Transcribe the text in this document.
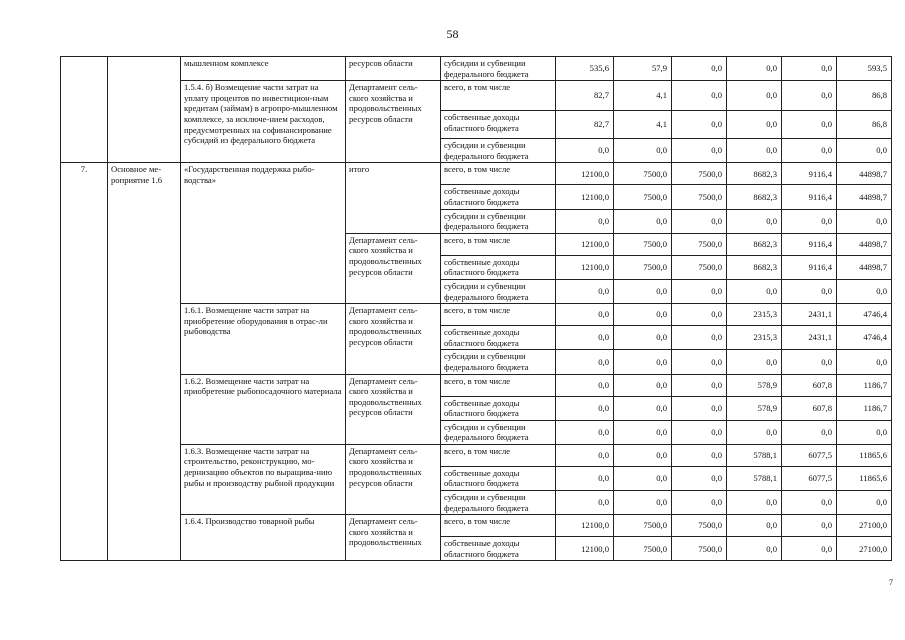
58
		мышленном комплексе	ресурсов области	субсидии и субвенции федерального бюджета	535,6	57,9	0,0	0,0	0,0	593,5
		1.5.4. б) Возмещение части затрат на уплату процентов по инвестицион-ным кредитам (займам) в агропро-мышленном комплексе, за исключе-нием расходов, предусмотренных на софинансирование субсидий из федерального бюджета	Департамент сель-ского хозяйства и продовольственных ресурсов области	всего, в том числе	82,7	4,1	0,0	0,0	0,0	86,8
				собственные доходы областного бюджета	82,7	4,1	0,0	0,0	0,0	86,8
				субсидии и субвенции федерального бюджета	0,0	0,0	0,0	0,0	0,0	0,0
7.	Основное ме-роприятие 1.6	«Государственная поддержка рыбо-водства»	итого	всего, в том числе	12100,0	7500,0	7500,0	8682,3	9116,4	44898,7
				собственные доходы областного бюджета	12100,0	7500,0	7500,0	8682,3	9116,4	44898,7
				субсидии и субвенции федерального бюджета	0,0	0,0	0,0	0,0	0,0	0,0
			Департамент сель-ского хозяйства и продовольственных ресурсов области	всего, в том числе	12100,0	7500,0	7500,0	8682,3	9116,4	44898,7
				собственные доходы областного бюджета	12100,0	7500,0	7500,0	8682,3	9116,4	44898,7
				субсидии и субвенции федерального бюджета	0,0	0,0	0,0	0,0	0,0	0,0
		1.6.1. Возмещение части затрат на приобретение оборудования в отрас-ли рыбоводства	Департамент сель-ского хозяйства и продовольственных ресурсов области	всего, в том числе	0,0	0,0	0,0	2315,3	2431,1	4746,4
				собственные доходы областного бюджета	0,0	0,0	0,0	2315,3	2431,1	4746,4
				субсидии и субвенции федерального бюджета	0,0	0,0	0,0	0,0	0,0	0,0
		1.6.2. Возмещение части затрат на приобретение рыбопосадочного материала	Департамент сель-ского хозяйства и продовольственных ресурсов области	всего, в том числе	0,0	0,0	0,0	578,9	607,8	1186,7
				собственные доходы областного бюджета	0,0	0,0	0,0	578,9	607,8	1186,7
				субсидии и субвенции федерального бюджета	0,0	0,0	0,0	0,0	0,0	0,0
		1.6.3. Возмещение части затрат на строительство, реконструкцию, мо-дернизацию объектов по выращива-нию рыбы и производству рыбной продукции	Департамент сель-ского хозяйства и продовольственных ресурсов области	всего, в том числе	0,0	0,0	0,0	5788,1	6077,5	11865,6
				собственные доходы областного бюджета	0,0	0,0	0,0	5788,1	6077,5	11865,6
				субсидии и субвенции федерального бюджета	0,0	0,0	0,0	0,0	0,0	0,0
		1.6.4. Производство товарной рыбы	Департамент сель-ского хозяйства и продовольственных	всего, в том числе	12100,0	7500,0	7500,0	0,0	0,0	27100,0
				собственные доходы областного бюджета	12100,0	7500,0	7500,0	0,0	0,0	27100,0
7
